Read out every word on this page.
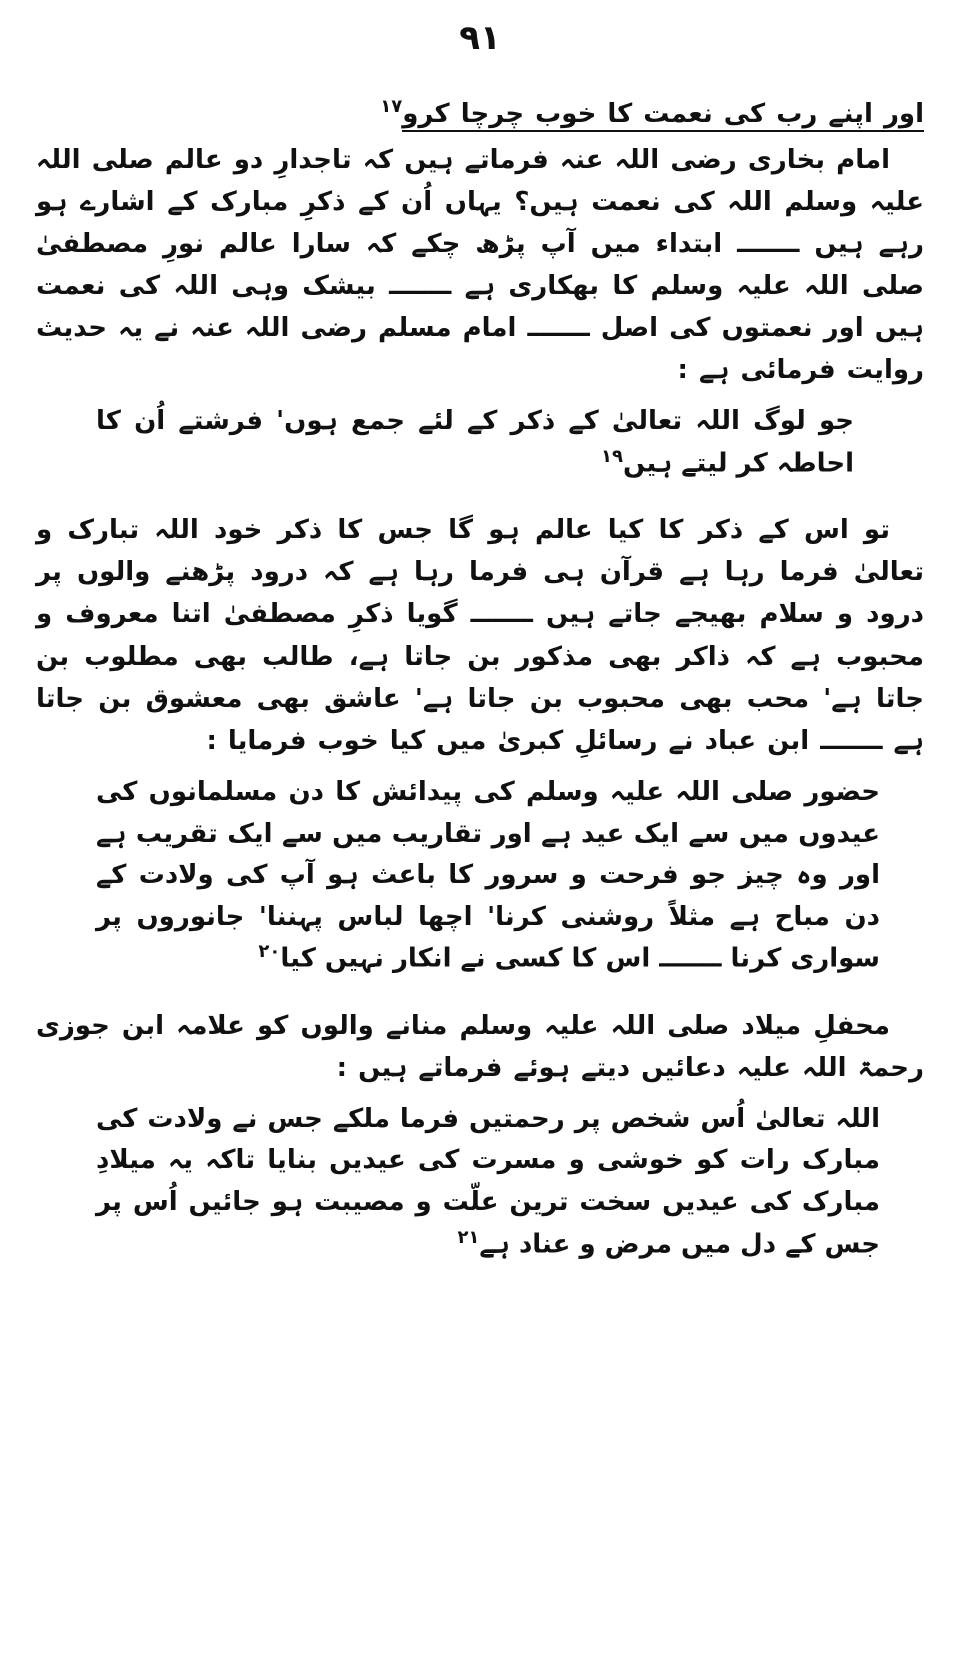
۹۱

اور اپنے رب کی نعمت کا خوب چرچا کرو$^{۱۷}$

امام بخاری رضی اللہ عنہ فرماتے ہیں کہ تاجدارِ دو عالم صلی اللہ علیہ وسلم اللہ کی نعمت ہیں؟ یہاں اُن کے ذکرِ مبارک کے اشارے ہو رہے ہیں ـــــــ ابتداء میں آپ پڑھ چکے کہ سارا عالم نورِ مصطفیٰ صلی اللہ علیہ وسلم کا بھکاری ہے ـــــــ بیشک وہی اللہ کی نعمت ہیں اور نعمتوں کی اصل ـــــــ امام مسلم رضی اللہ عنہ نے یہ حدیث روایت فرمائی ہے :

جو لوگ اللہ تعالیٰ کے ذکر کے لئے جمع ہوں' فرشتے اُن کا احاطہ کر لیتے ہیں$^{۱۹}$

تو اس کے ذکر کا کیا عالم ہو گا جس کا ذکر خود اللہ تبارک و تعالیٰ فرما رہا ہے قرآن ہی فرما رہا ہے کہ درود پڑھنے والوں پر درود و سلام بھیجے جاتے ہیں ـــــــ گویا ذکرِ مصطفیٰ اتنا معروف و محبوب ہے کہ ذاکر بھی مذکور بن جاتا ہے، طالب بھی مطلوب بن جاتا ہے' محب بھی محبوب بن جاتا ہے' عاشق بھی معشوق بن جاتا ہے ـــــــ ابن عباد نے رسائلِ کبریٰ میں کیا خوب فرمایا :

حضور صلی اللہ علیہ وسلم کی پیدائش کا دن مسلمانوں کی عیدوں میں سے ایک عید ہے اور تقاریب میں سے ایک تقریب ہے اور وہ چیز جو فرحت و سرور کا باعث ہو آپ کی ولادت کے دن مباح ہے مثلاً روشنی کرنا' اچھا لباس پہننا' جانوروں پر سواری کرنا ـــــــ اس کا کسی نے انکار نہیں کیا$^{۲۰}$

محفلِ میلاد صلی اللہ علیہ وسلم منانے والوں کو علامہ ابن جوزی رحمۃ اللہ علیہ دعائیں دیتے ہوئے فرماتے ہیں :

اللہ تعالیٰ اُس شخص پر رحمتیں فرما ملکے جس نے ولادت کی مبارک رات کو خوشی و مسرت کی عیدیں بنایا تاکہ یہ میلادِ مبارک کی عیدیں سخت ترین علّت و مصیبت ہو جائیں اُس پر جس کے دل میں مرض و عناد ہے$^{۲۱}$
